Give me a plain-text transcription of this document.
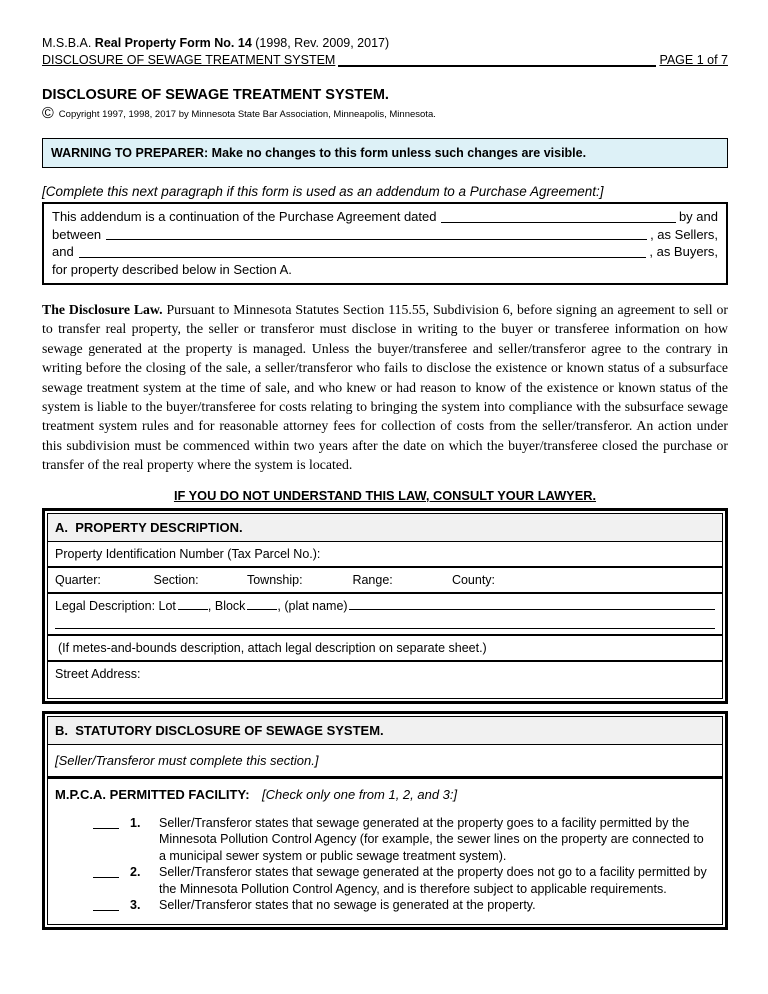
M.S.B.A. Real Property Form No. 14 (1998, Rev. 2009, 2017)
DISCLOSURE OF SEWAGE TREATMENT SYSTEM	PAGE 1 of 7
DISCLOSURE OF SEWAGE TREATMENT SYSTEM.
© Copyright 1997, 1998, 2017 by Minnesota State Bar Association, Minneapolis, Minnesota.
WARNING TO PREPARER: Make no changes to this form unless such changes are visible.
[Complete this next paragraph if this form is used as an addendum to a Purchase Agreement:]
This addendum is a continuation of the Purchase Agreement dated	by and
between	, as Sellers,
and	, as Buyers,
for property described below in Section A.
The Disclosure Law. Pursuant to Minnesota Statutes Section 115.55, Subdivision 6, before signing an agreement to sell or to transfer real property, the seller or transferor must disclose in writing to the buyer or transferee information on how sewage generated at the property is managed. Unless the buyer/transferee and seller/transferor agree to the contrary in writing before the closing of the sale, a seller/transferor who fails to disclose the existence or known status of a subsurface sewage treatment system at the time of sale, and who knew or had reason to know of the existence or known status of the system is liable to the buyer/transferee for costs relating to bringing the system into compliance with the subsurface sewage treatment system rules and for reasonable attorney fees for collection of costs from the seller/transferor. An action under this subdivision must be commenced within two years after the date on which the buyer/transferee closed the purchase or transfer of the real property where the system is located.
IF YOU DO NOT UNDERSTAND THIS LAW, CONSULT YOUR LAWYER.
A.  PROPERTY DESCRIPTION.
Property Identification Number (Tax Parcel No.):
Quarter:	Section:	Township:	Range:	County:
Legal Description: Lot	, Block	, (plat name)
(If metes-and-bounds description, attach legal description on separate sheet.)
Street Address:
B.  STATUTORY DISCLOSURE OF SEWAGE SYSTEM.
[Seller/Transferor must complete this section.]
M.P.C.A. PERMITTED FACILITY: [Check only one from 1, 2, and 3:]
1.	Seller/Transferor states that sewage generated at the property goes to a facility permitted by the Minnesota Pollution Control Agency (for example, the sewer lines on the property are connected to a municipal sewer system or public sewage treatment system).
2.	Seller/Transferor states that sewage generated at the property does not go to a facility permitted by the Minnesota Pollution Control Agency, and is therefore subject to applicable requirements.
3.	Seller/Transferor states that no sewage is generated at the property.
